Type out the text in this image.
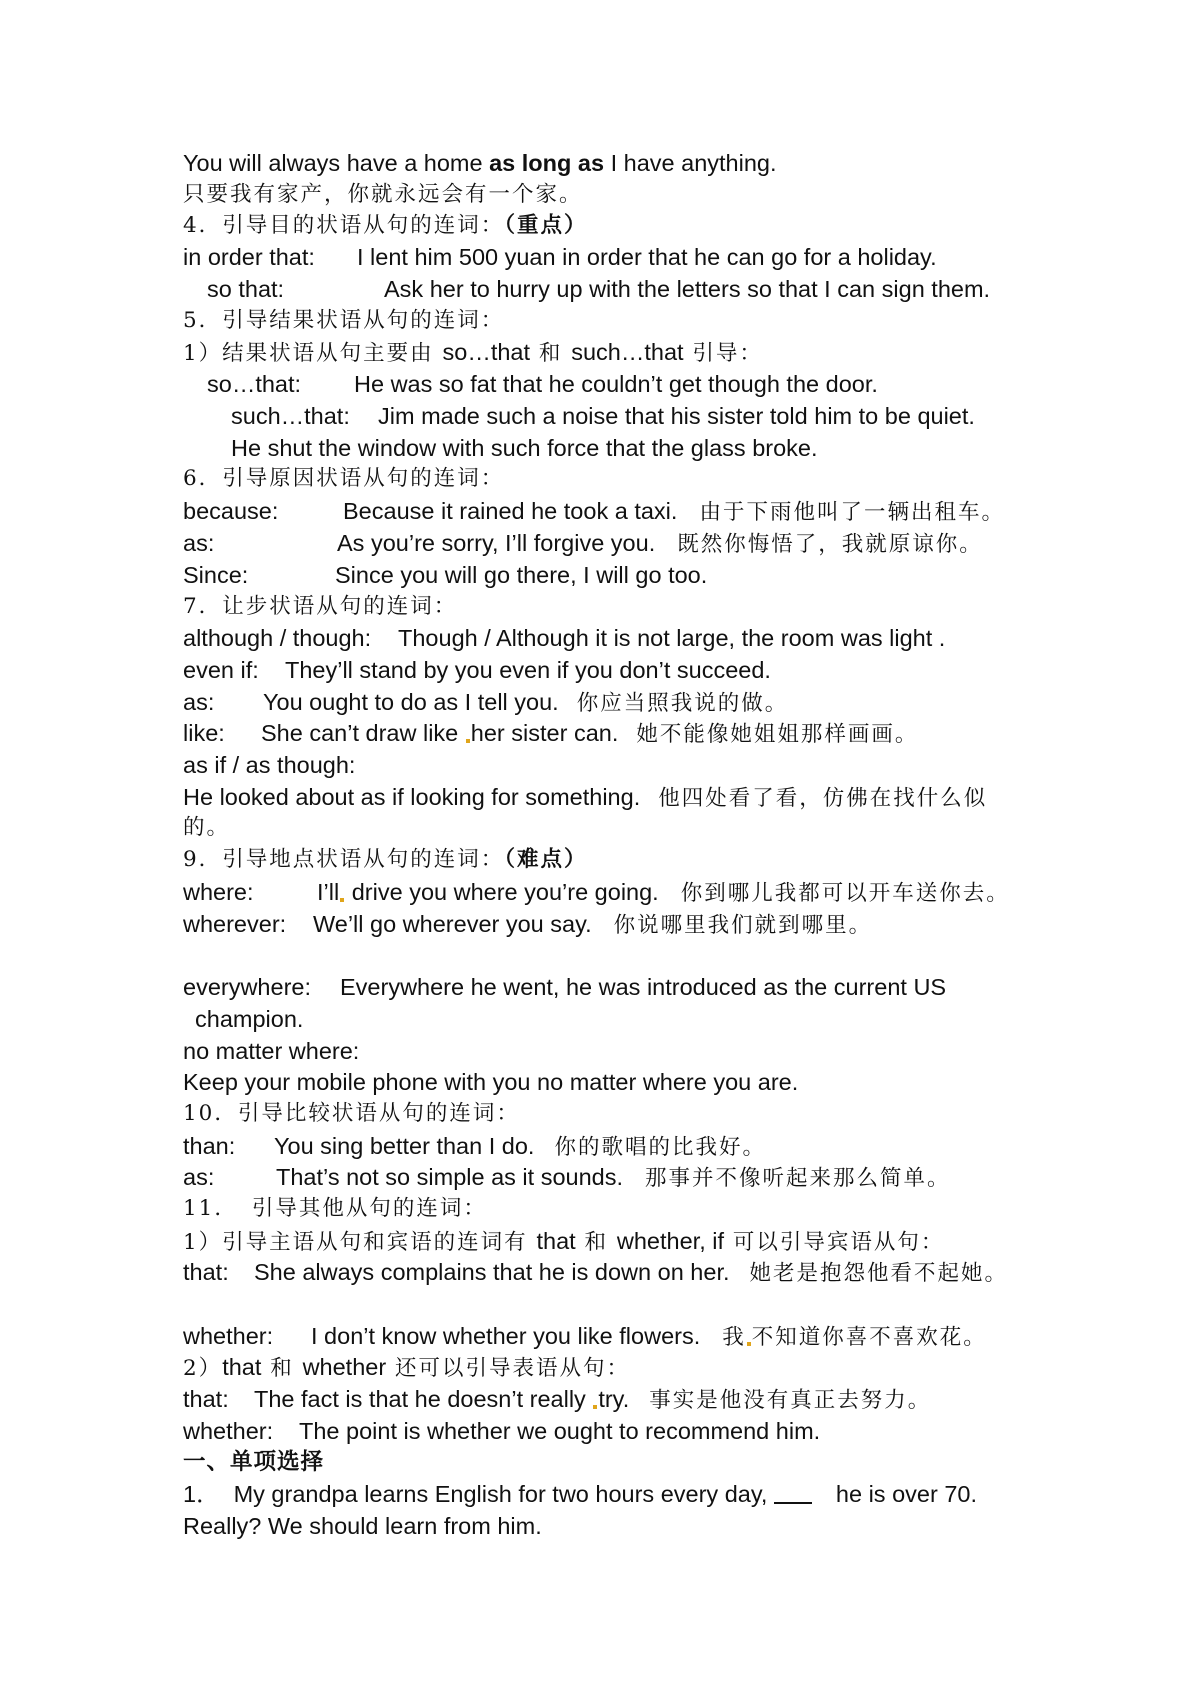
You will always have a home as long as I have anything.
只要我有家产，你就永远会有一个家。
4．引导目的状语从句的连词：（重点）
in order that: I lent him 500 yuan in order that he can go for a holiday.
so that:	Ask her to hurry up with the letters so that I can sign them.
5．引导结果状语从句的连词：
1）结果状语从句主要由 so…that 和 such…that 引导：
so…that: He was so fat that he couldn’t get though the door.
such…that: Jim made such a noise that his sister told him to be quiet.
He shut the window with such force that the glass broke.
6．引导原因状语从句的连词：
because:	Because it rained he took a taxi. 由于下雨他叫了一辆出租车。
as:	As you’re sorry, I’ll forgive you. 既然你悔悟了，我就原谅你。
Since:	Since you will go there, I will go too.
7．让步状语从句的连词：
although / though: Though / Although it is not large, the room was light .
even if: They’ll stand by you even if you don’t succeed.
as: You ought to do as I tell you. 你应当照我说的做。
like: She can’t draw like her sister can. 她不能像她姐姐那样画画。
as if / as though:
He looked about as if looking for something. 他四处看了看，仿佛在找什么似
的。
9．引导地点状语从句的连词：（难点）
where:	I’ll drive you where you’re going. 你到哪儿我都可以开车送你去。
wherever: We’ll go wherever you say. 你说哪里我们就到哪里。
everywhere: Everywhere he went, he was introduced as the current US
champion.
no matter where:
Keep your mobile phone with you no matter where you are.
10．引导比较状语从句的连词：
than: You sing better than I do. 你的歌唱的比我好。
as:	That’s not so simple as it sounds. 那事并不像听起来那么简单。
11． 引导其他从句的连词：
1）引导主语从句和宾语的连词有 that 和 whether, if 可以引导宾语从句：
that: She always complains that he is down on her. 她老是抱怨他看不起她。
whether: I don’t know whether you like flowers. 我 不知道你喜不喜欢花。
2）that 和 whether 还可以引导表语从句：
that: The fact is that he doesn’t really try. 事实是他没有真正去努力。
whether: The point is whether we ought to recommend him.
一、单项选择
1． My grandpa learns English for two hours every day,	he is over 70.
Really? We should learn from him.
